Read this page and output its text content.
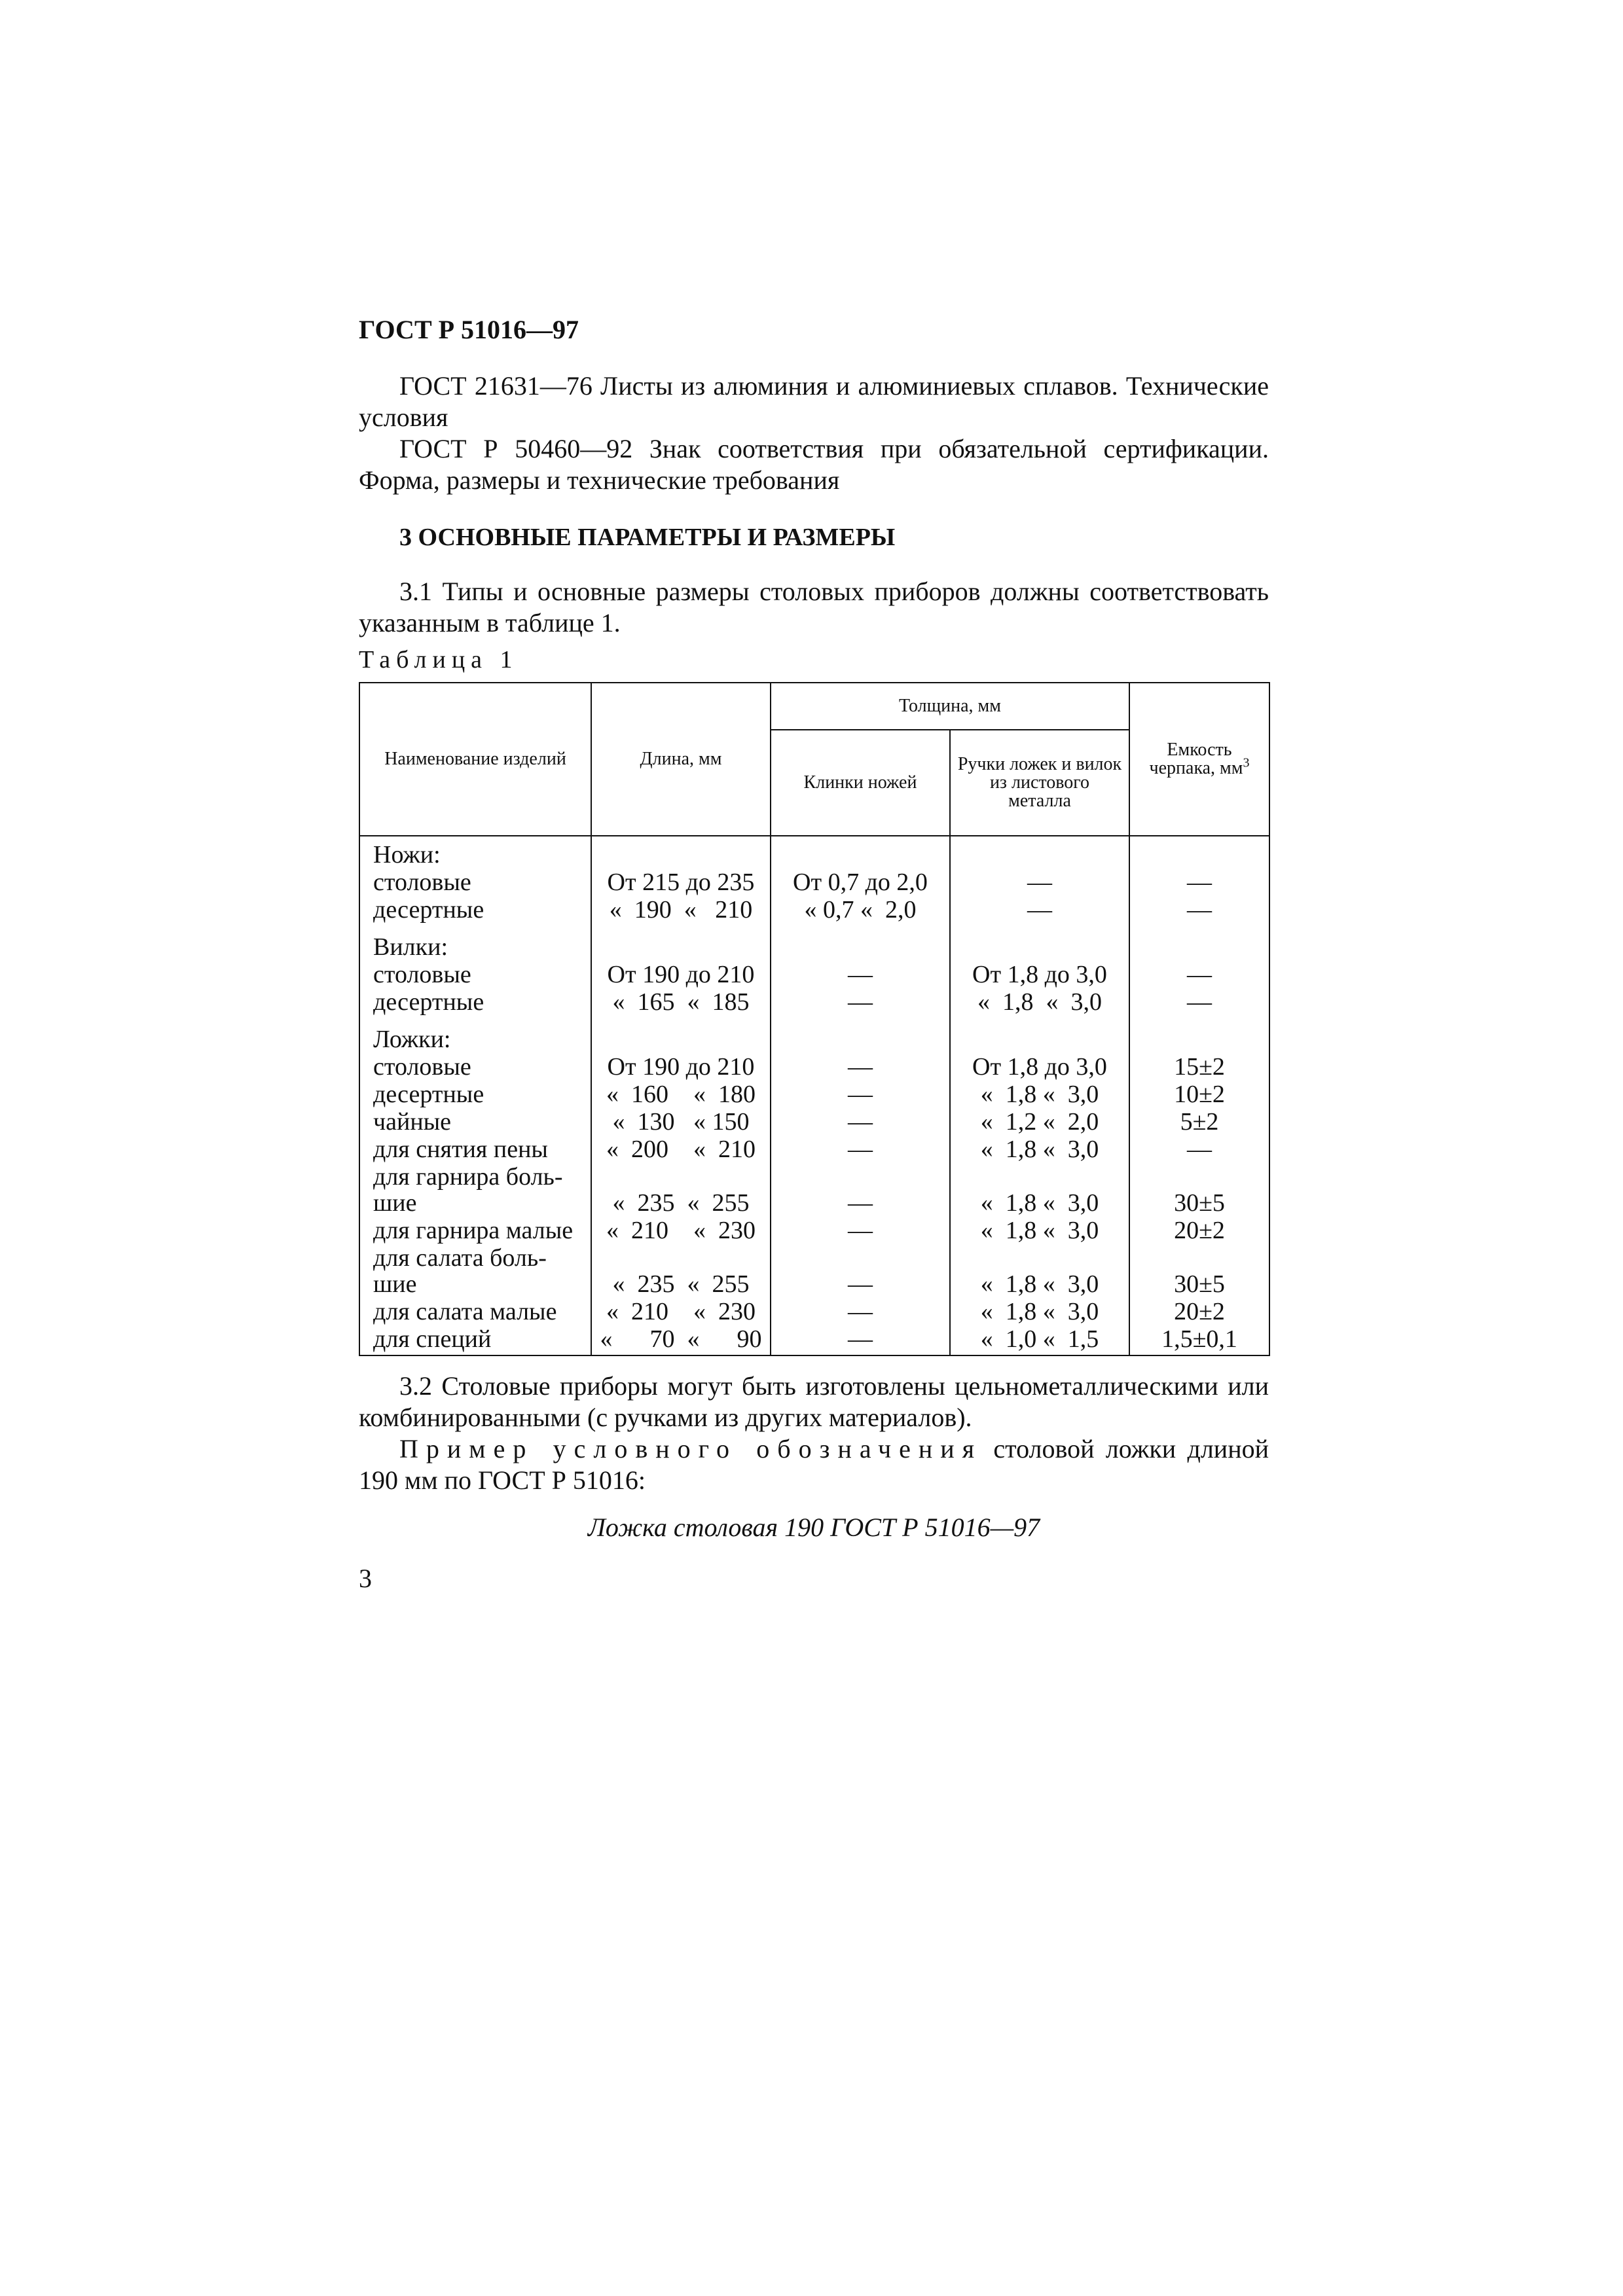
ГОСТ Р 51016—97

ГОСТ 21631—76 Листы из алюминия и алюминиевых сплавов. Технические условия

ГОСТ Р 50460—92 Знак соответствия при обязательной сертификации. Форма, размеры и технические требования

3 ОСНОВНЫЕ ПАРАМЕТРЫ И РАЗМЕРЫ

3.1 Типы и основные размеры столовых приборов должны соответствовать указанным в таблице 1.

Таблица 1
Наименование изделий	Длина, мм	Толщина, мм		Емкость черпака, $мм^3$
		Клинки ножей	Ручки ложек и вилок из листового металла	
Ножи:				
столовые	От 215 до 235	От 0,7 до 2,0	—	—
десертные	«  190  «   210	« 0,7 «  2,0	—	—
Вилки:				
столовые	От 190 до 210	—	От 1,8 до 3,0	—
десертные	«  165  «  185	—	«  1,8  «  3,0	—
Ложки:				
столовые	От 190 до 210	—	От 1,8 до 3,0	15±2
десертные	«  160    «  180	—	«  1,8 «  3,0	10±2
чайные	«  130   « 150	—	«  1,2 «  2,0	5±2
для снятия пены	«  200    «  210	—	«  1,8 «  3,0	—
для гарнира боль-
шие	«  235  «  255	—	«  1,8 «  3,0	30±5
для гарнира малые	«  210    «  230	—	«  1,8 «  3,0	20±2
для салата боль-
шие	«  235  «  255	—	«  1,8 «  3,0	30±5
для салата малые	«  210    «  230	—	«  1,8 «  3,0	20±2
для специй	«      70  «      90	—	«  1,0 «  1,5	1,5±0,1

3.2 Столовые приборы могут быть изготовлены цельнометаллическими или комбинированными (с ручками из других материалов).

Пример условного обозначения столовой ложки длиной 190 мм по ГОСТ Р 51016:

Ложка столовая 190 ГОСТ Р 51016—97
3
